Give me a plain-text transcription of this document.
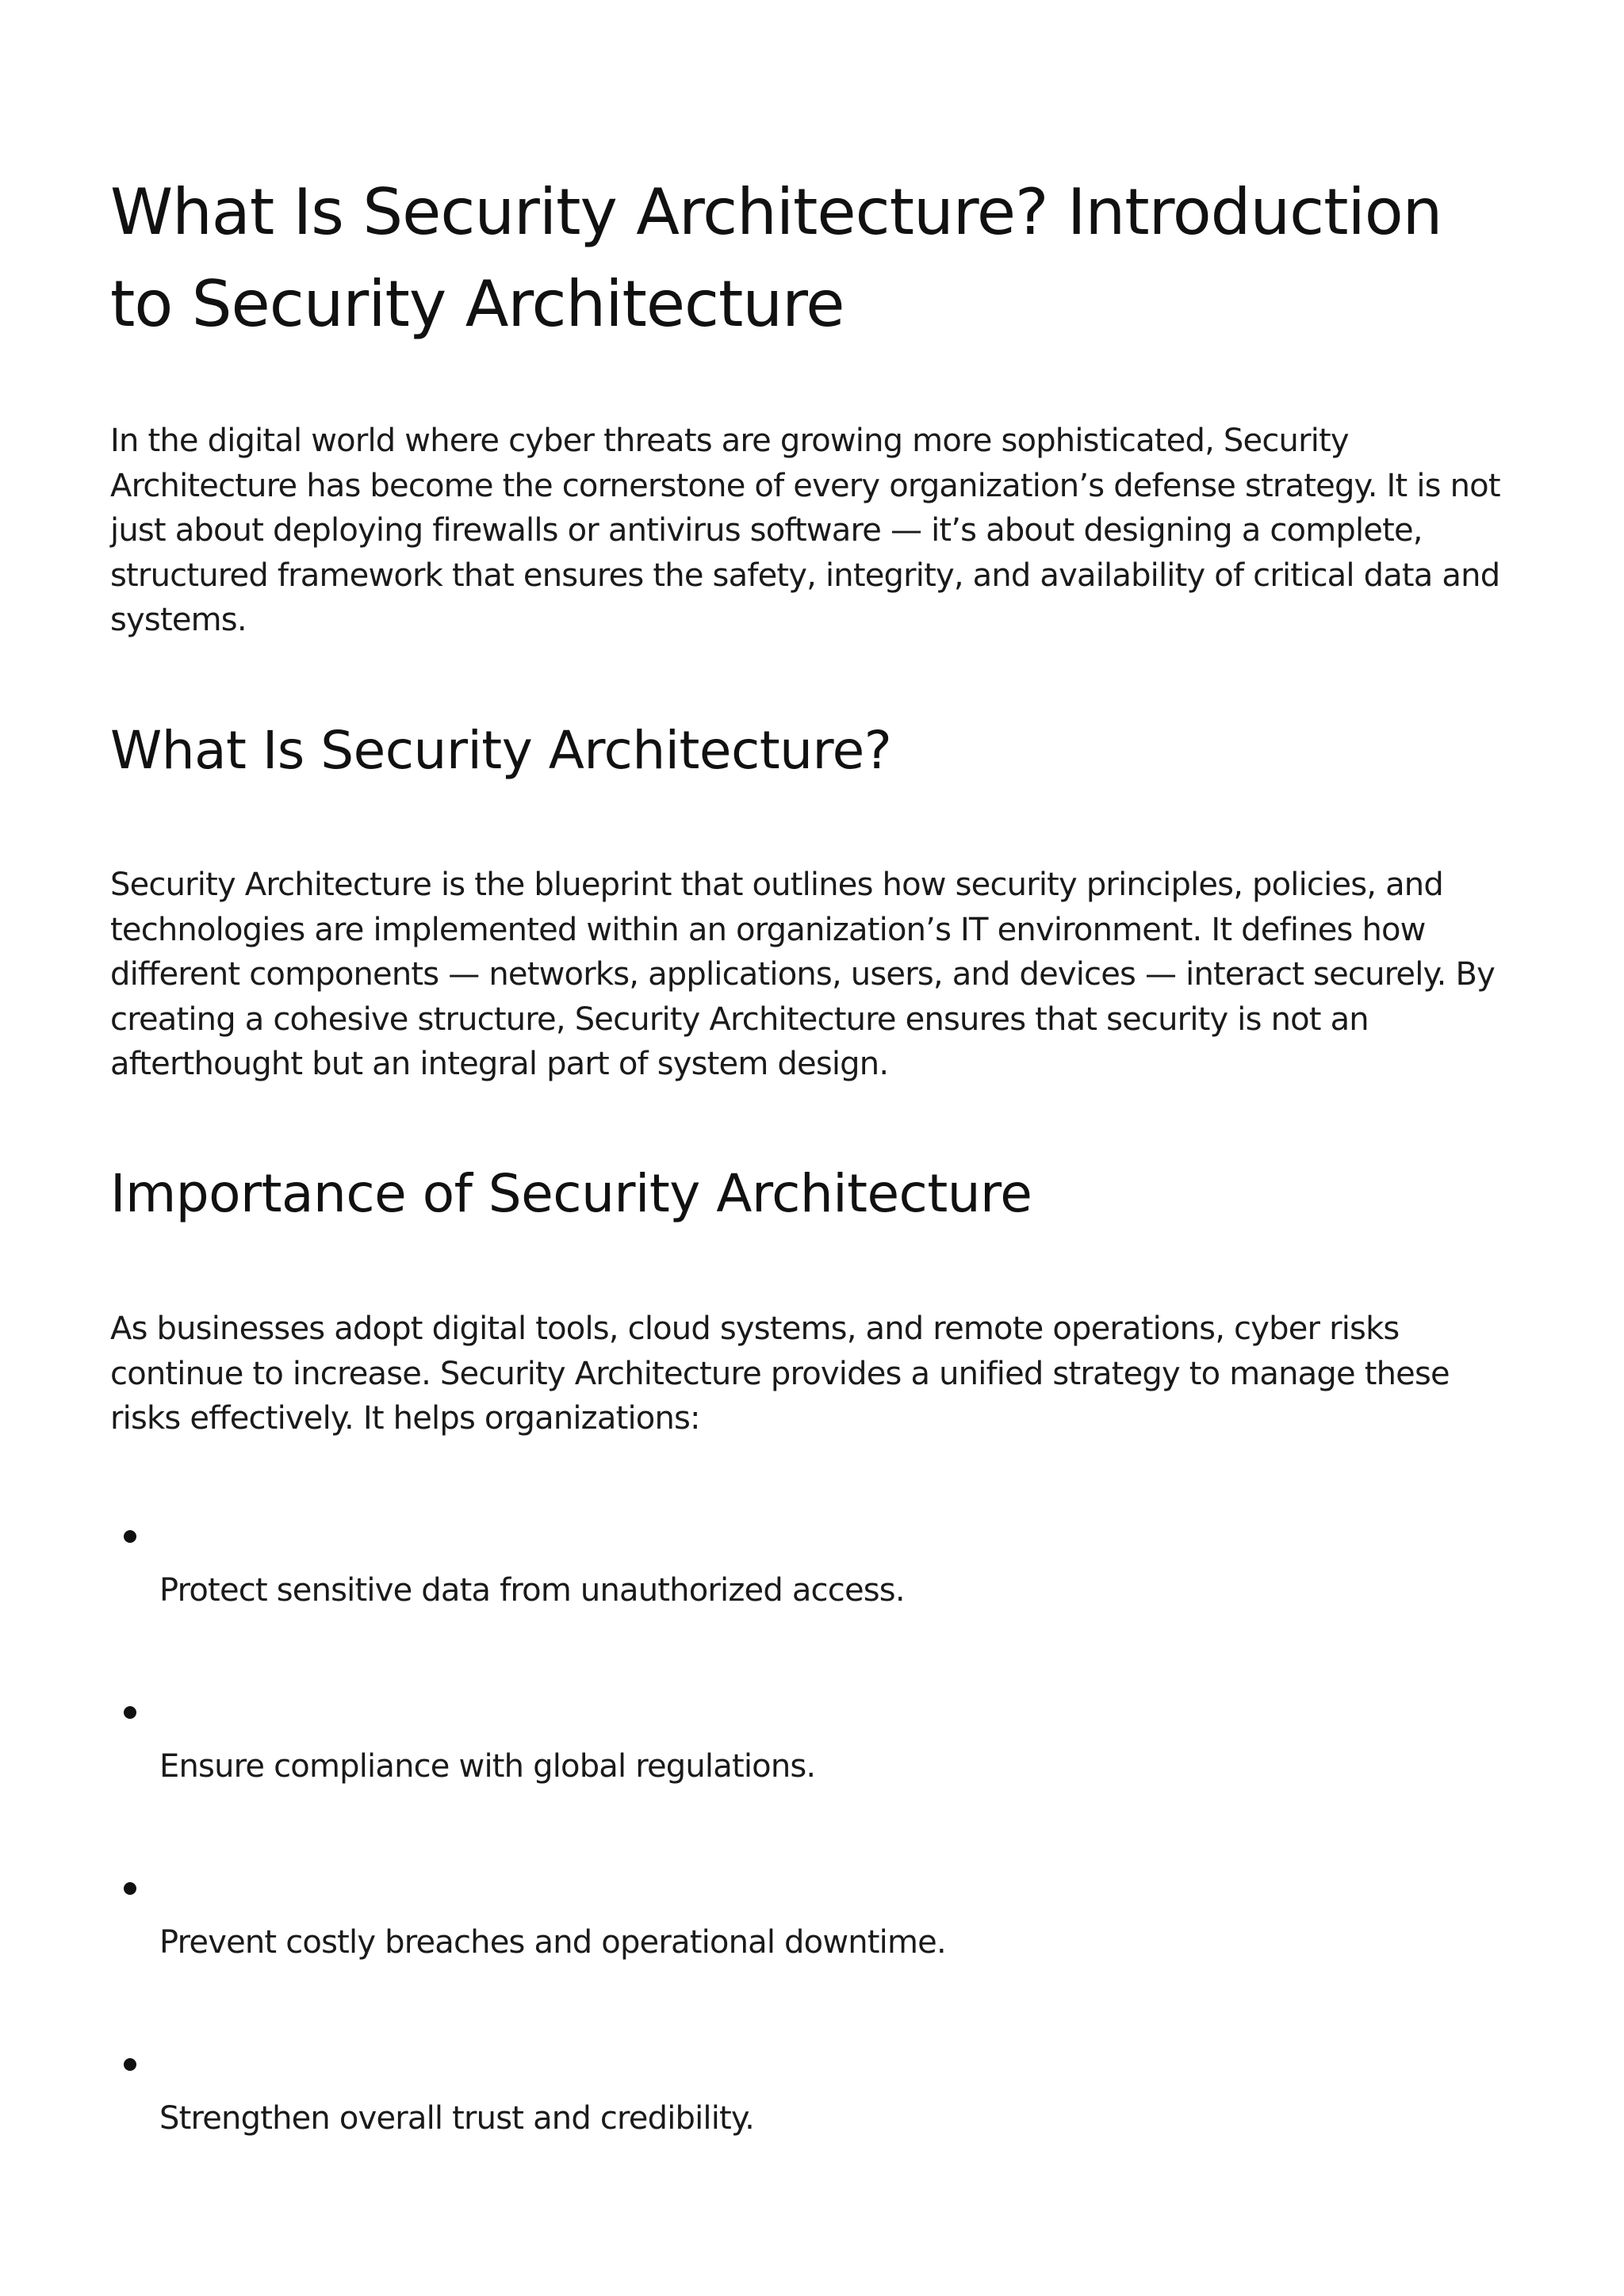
What Is Security Architecture? Introduction to Security Architecture

In the digital world where cyber threats are growing more sophisticated, Security Architecture has become the cornerstone of every organization’s defense strategy. It is not just about deploying firewalls or antivirus software — it’s about designing a complete, structured framework that ensures the safety, integrity, and availability of critical data and systems.

What Is Security Architecture?

Security Architecture is the blueprint that outlines how security principles, policies, and technologies are implemented within an organization’s IT environment. It defines how different components — networks, applications, users, and devices — interact securely. By creating a cohesive structure, Security Architecture ensures that security is not an afterthought but an integral part of system design.

Importance of Security Architecture

As businesses adopt digital tools, cloud systems, and remote operations, cyber risks continue to increase. Security Architecture provides a unified strategy to manage these risks effectively. It helps organizations:

Protect sensitive data from unauthorized access.
Ensure compliance with global regulations.
Prevent costly breaches and operational downtime.
Strengthen overall trust and credibility.
